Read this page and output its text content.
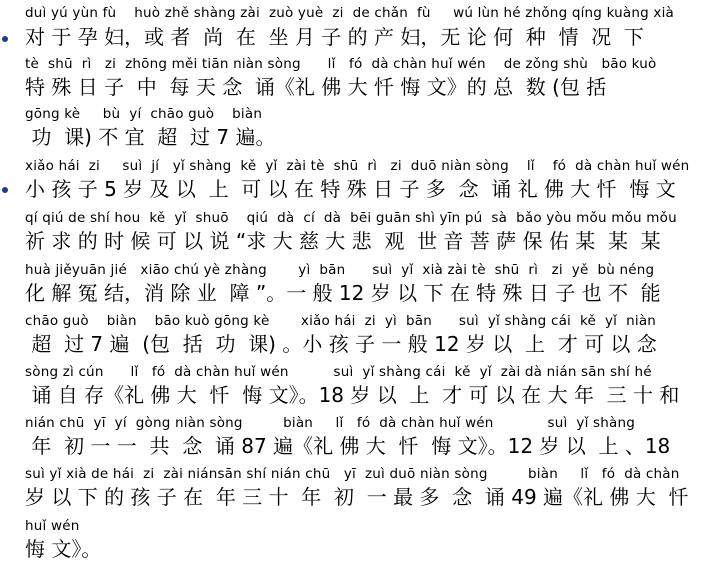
duì yú yùn fù    huò zhě shàng zài  zuò yuè  zi  de chǎn  fù     wú lùn hé zhǒng qíng kuàng xià
对 于 孕 妇，或 者  尚  在  坐 月 子 的 产 妇，无 论 何  种  情  况  下
tè  shū  rì   zi  zhōng měi tiān niàn sòng      lǐ   fó  dà chàn huǐ wén    de zǒng shù   bāo kuò
特 殊 日 子  中  每 天 念  诵《礼 佛 大 忏 悔 文》的 总  数 (包 括
gōng kè     bù  yí  chāo guò    biàn
功  课) 不 宜  超  过 7 遍。
xiǎo hái  zi     suì  jí   yǐ shàng  kě  yǐ  zài tè  shū  rì   zi  duō niàn sòng    lǐ    fó  dà chàn huǐ wén
小 孩 子 5 岁 及 以  上  可 以 在 特 殊 日 子 多  念  诵 礼 佛 大 忏  悔 文
qí qiú de shí hou  kě  yǐ  shuō    qiú  dà  cí  dà  bēi guān shì yīn pú  sà  bǎo yòu mǒu mǒu mǒu
祈 求 的 时 候 可 以 说 “求 大 慈 大 悲  观  世 音 菩 萨 保 佑 某  某  某
huà jiěyuān jié   xiāo chú yè zhàng       yì  bān      suì  yǐ  xià zài tè  shū  rì   zi  yě  bù néng
化 解 冤 结，消 除 业  障 ”。一 般 12 岁 以 下 在 特 殊 日 子 也 不  能
chāo guò    biàn    bāo kuò gōng kè       xiǎo hái  zi  yì  bān      suì  yǐ shàng cái  kě  yǐ  niàn
超  过 7 遍  (包  括  功  课) 。小 孩 子 一 般 12 岁 以  上  才 可 以 念
sòng zì cún      lǐ   fó  dà chàn huǐ wén          suì  yǐ shàng cái  kě  yǐ  zài dà nián sān shí hé
诵 自 存《礼 佛 大  忏  悔 文》。18 岁 以  上  才 可 以 在 大 年  三 十 和
nián chū  yī  yí  gòng niàn sòng         biàn     lǐ   fó  dà chàn huǐ wén            suì  yǐ shàng
年  初 一 一  共  念  诵 87 遍《礼 佛 大  忏  悔 文》。12 岁 以  上 、18
suì yǐ xià de hái  zi  zài niánsān shí nián chū   yī  zuì duō niàn sòng         biàn     lǐ   fó  dà chàn
岁 以 下 的 孩 子 在  年 三 十  年  初  一 最 多  念  诵 49 遍《礼 佛 大  忏
huǐ wén
悔 文》。
